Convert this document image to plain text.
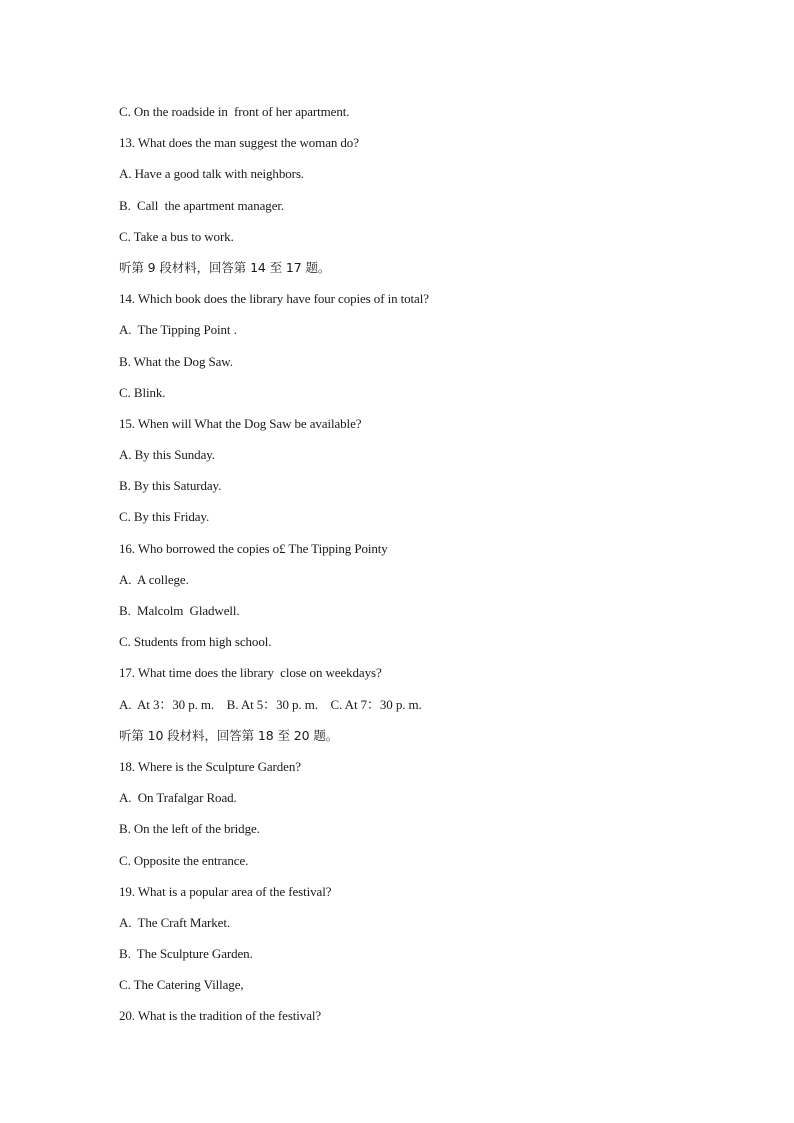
C. On the roadside in  front of her apartment.
13. What does the man suggest the woman do?
A. Have a good talk with neighbors.
B.  Call  the apartment manager.
C. Take a bus to work.
听第 9 段材料，回答第 14 至 17 题。
14. Which book does the library have four copies of in total?
A.  The Tipping Point .
B. What the Dog Saw.
C. Blink.
15. When will What the Dog Saw be available?
A. By this Sunday.
B. By this Saturday.
C. By this Friday.
16. Who borrowed the copies o£ The Tipping Pointy
A.  A college.
B.  Malcolm  Gladwell.
C. Students from high school.
17. What time does the library  close on weekdays?
A.  At 3：30 p. m.    B. At 5：30 p. m.    C. At 7：30 p. m.
听第 10 段材料，回答第 18 至 20 题。
18. Where is the Sculpture Garden?
A.  On Trafalgar Road.
B. On the left of the bridge.
C. Opposite the entrance.
19. What is a popular area of the festival?
A.  The Craft Market.
B.  The Sculpture Garden.
C. The Catering Village,
20. What is the tradition of the festival?
